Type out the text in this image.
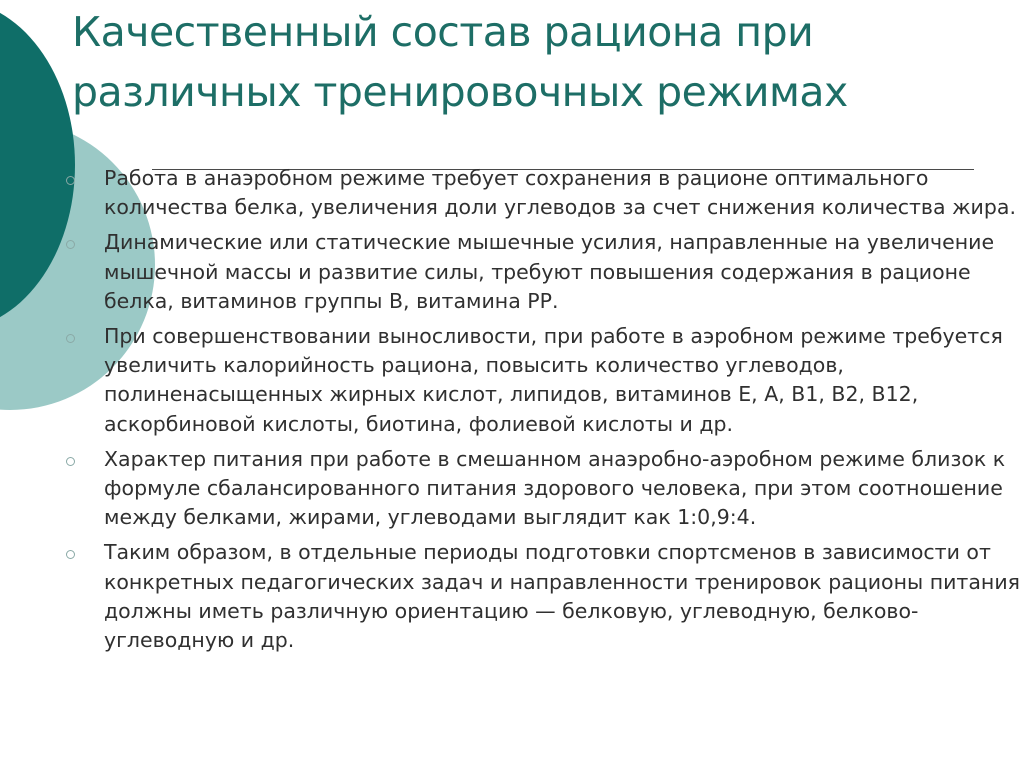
Качественный состав рациона при различных тренировочных режимах
Работа в анаэробном режиме требует сохранения в рационе оптимального количества белка, увеличения доли углеводов за счет снижения количества жира.
Динамические или статические мышечные усилия, направленные на увеличение мышечной массы и развитие силы, требуют повышения содержания в рационе белка, витаминов группы В, витамина РР.
При совершенствовании выносливости, при работе в аэробном режиме требуется увеличить калорийность рациона, повысить количество углеводов, полиненасыщенных жирных кислот, липидов, витаминов Е, А, В1, В2, В12, аскорбиновой кислоты, биотина, фолиевой кислоты и др.
Характер питания при работе в смешанном анаэробно-аэробном режиме близок к формуле сбалансированного питания здорового человека, при этом соотношение между белками, жирами, углеводами выглядит как 1:0,9:4.
Таким образом, в отдельные периоды подготовки спортсменов в зависимости от конкретных педагогических задач и направленности тренировок рационы питания должны иметь различную ориентацию — белковую, углеводную, белково-углеводную и др.
